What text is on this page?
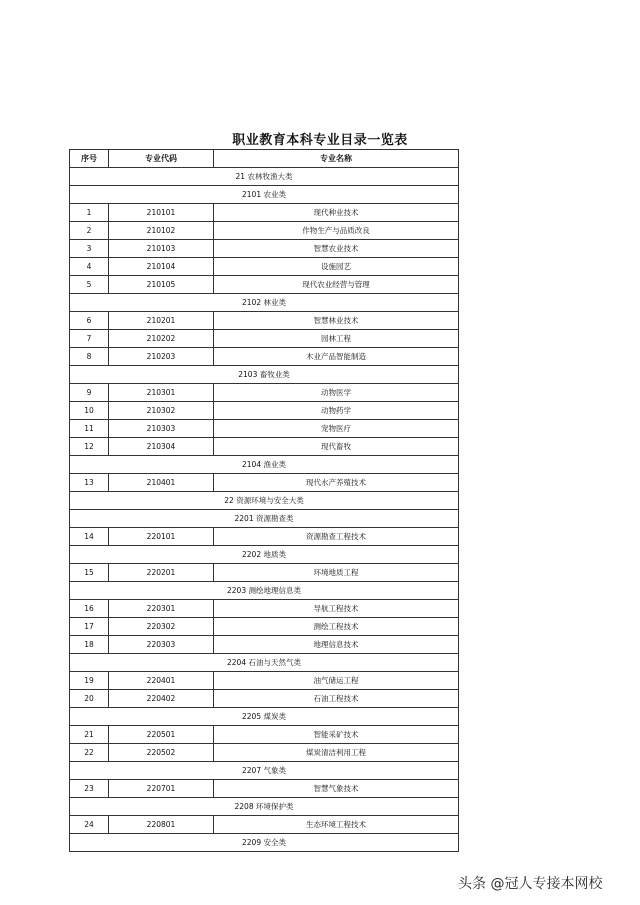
职业教育本科专业目录一览表
序号	专业代码	专业名称
21 农林牧渔大类		
2101 农业类		
1	210101	现代种业技术
2	210102	作物生产与品质改良
3	210103	智慧农业技术
4	210104	设施园艺
5	210105	现代农业经营与管理
2102 林业类		
6	210201	智慧林业技术
7	210202	园林工程
8	210203	木业产品智能制造
2103 畜牧业类		
9	210301	动物医学
10	210302	动物药学
11	210303	宠物医疗
12	210304	现代畜牧
2104 渔业类		
13	210401	现代水产养殖技术
22 资源环境与安全大类		
2201 资源勘查类		
14	220101	资源勘查工程技术
2202 地质类		
15	220201	环境地质工程
2203 测绘地理信息类		
16	220301	导航工程技术
17	220302	测绘工程技术
18	220303	地理信息技术
2204 石油与天然气类		
19	220401	油气储运工程
20	220402	石油工程技术
2205 煤炭类		
21	220501	智能采矿技术
22	220502	煤炭清洁利用工程
2207 气象类		
23	220701	智慧气象技术
2208 环境保护类		
24	220801	生态环境工程技术
2209 安全类		
头条 @冠人专接本网校
